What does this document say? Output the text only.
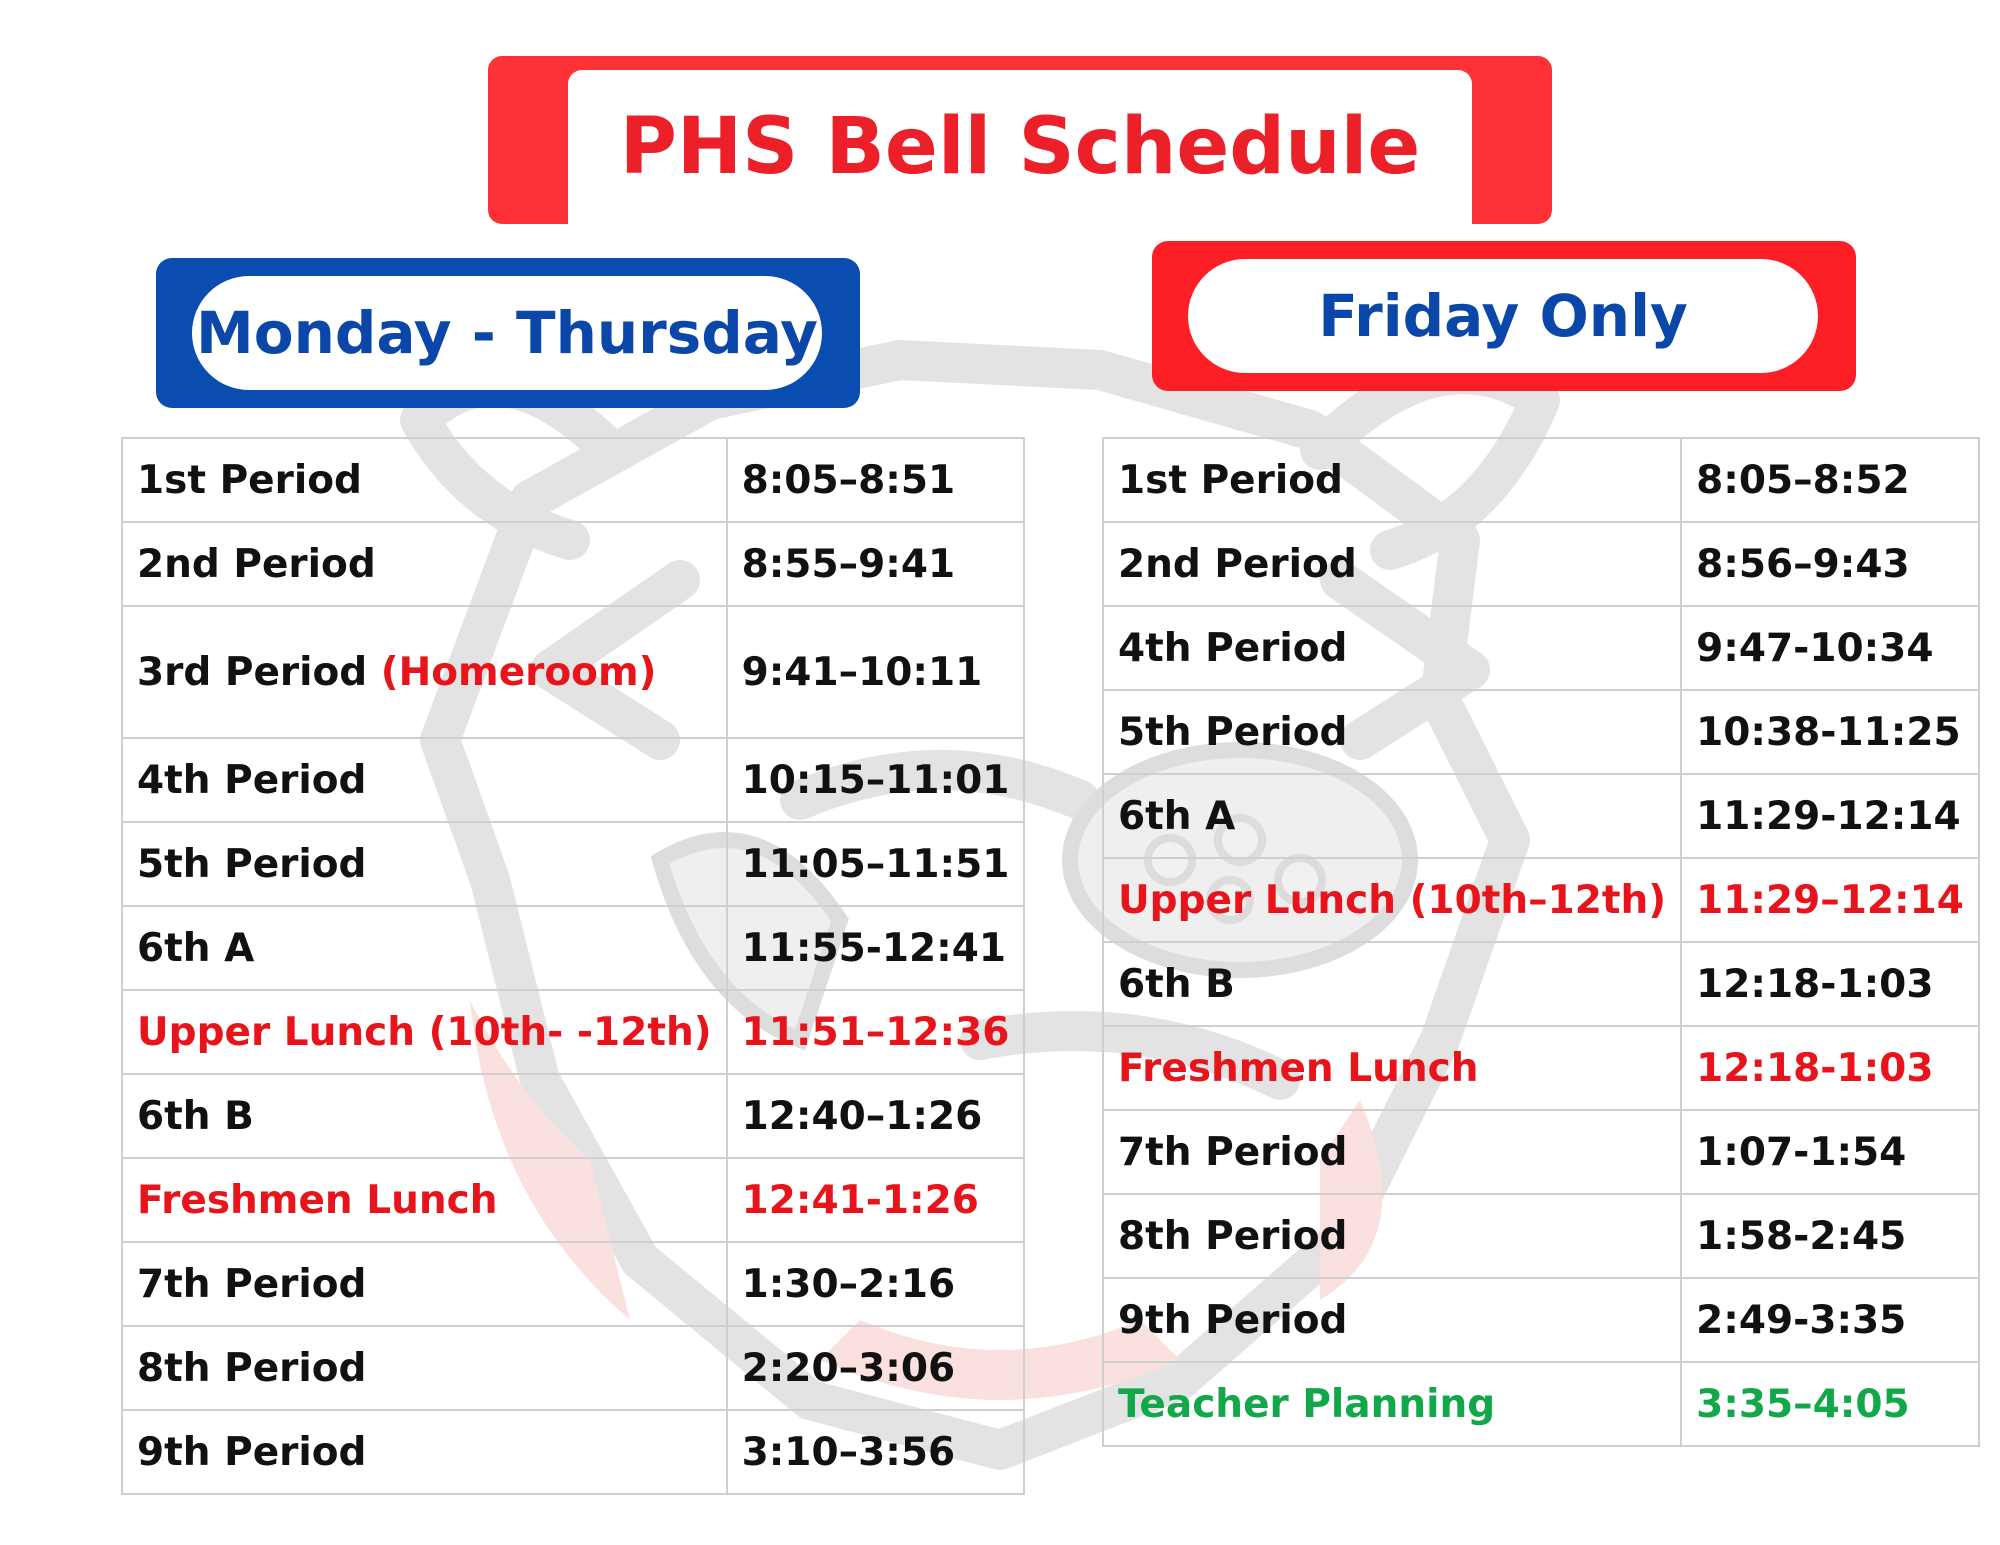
PHS Bell Schedule
Monday - Thursday	Friday Only
1st Period	8:05–8:51
2nd Period	8:55–9:41
3rd Period (Homeroom)	9:41–10:11
4th Period	10:15–11:01
5th Period	11:05–11:51
6th A	11:55-12:41
Upper Lunch (10th- -12th)	11:51–12:36
6th B	12:40–1:26
Freshmen Lunch	12:41-1:26
7th Period	1:30–2:16
8th Period	2:20–3:06
9th Period	3:10–3:56
1st Period	8:05–8:52
2nd Period	8:56–9:43
4th Period	9:47-10:34
5th Period	10:38-11:25
6th A	11:29-12:14
Upper Lunch (10th–12th)	11:29–12:14
6th B	12:18-1:03
Freshmen Lunch	12:18-1:03
7th Period	1:07-1:54
8th Period	1:58-2:45
9th Period	2:49-3:35
Teacher Planning	3:35–4:05
